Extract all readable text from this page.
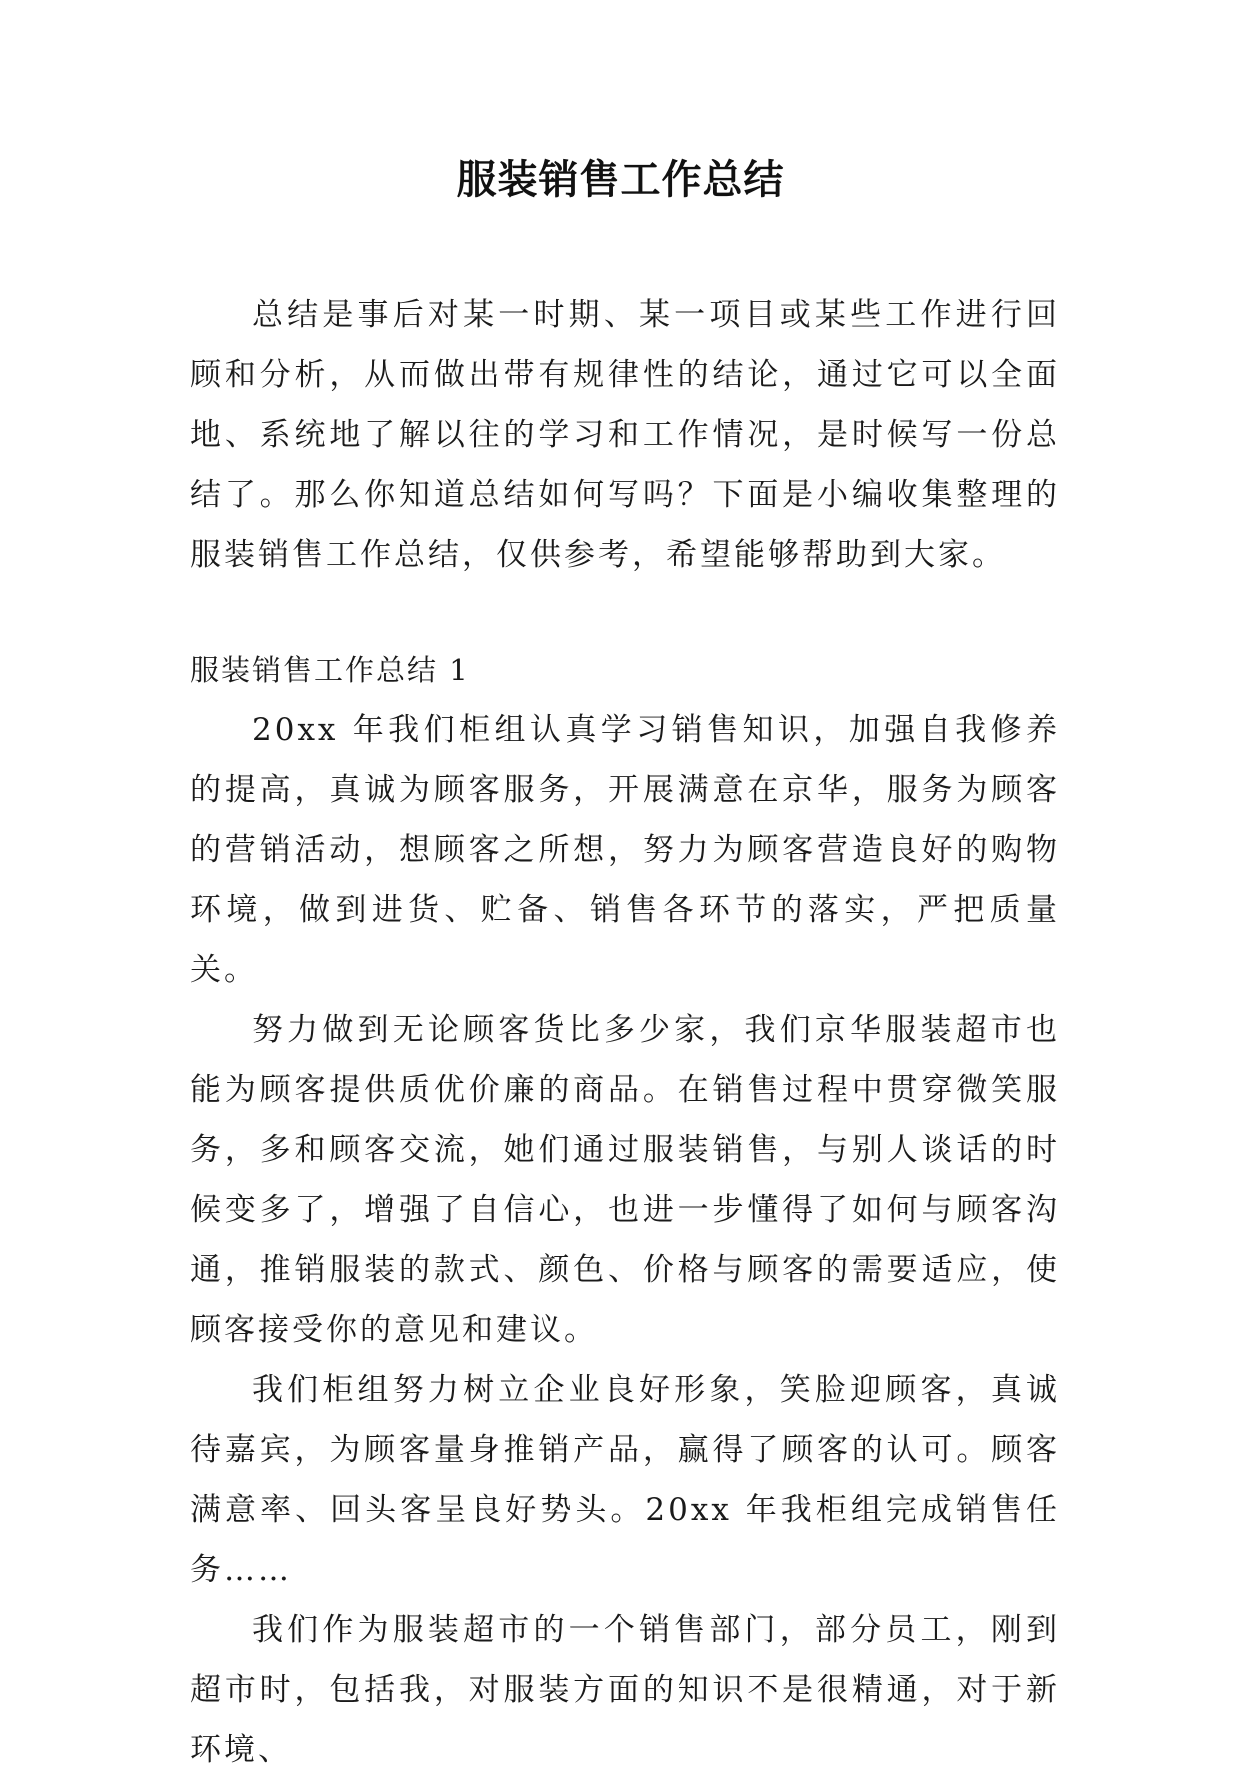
服装销售工作总结

总结是事后对某一时期、某一项目或某些工作进行回顾和分析，从而做出带有规律性的结论，通过它可以全面地、系统地了解以往的学习和工作情况，是时候写一份总结了。那么你知道总结如何写吗？下面是小编收集整理的服装销售工作总结，仅供参考，希望能够帮助到大家。

服装销售工作总结 1

20xx 年我们柜组认真学习销售知识，加强自我修养的提高，真诚为顾客服务，开展满意在京华，服务为顾客的营销活动，想顾客之所想，努力为顾客营造良好的购物环境，做到进货、贮备、销售各环节的落实，严把质量关。

努力做到无论顾客货比多少家，我们京华服装超市也能为顾客提供质优价廉的商品。在销售过程中贯穿微笑服务，多和顾客交流，她们通过服装销售，与别人谈话的时候变多了，增强了自信心，也进一步懂得了如何与顾客沟通，推销服装的款式、颜色、价格与顾客的需要适应，使顾客接受你的意见和建议。

我们柜组努力树立企业良好形象，笑脸迎顾客，真诚待嘉宾，为顾客量身推销产品，赢得了顾客的认可。顾客满意率、回头客呈良好势头。20xx 年我柜组完成销售任务……

我们作为服装超市的一个销售部门，部分员工，刚到超市时，包括我，对服装方面的知识不是很精通，对于新环境、
